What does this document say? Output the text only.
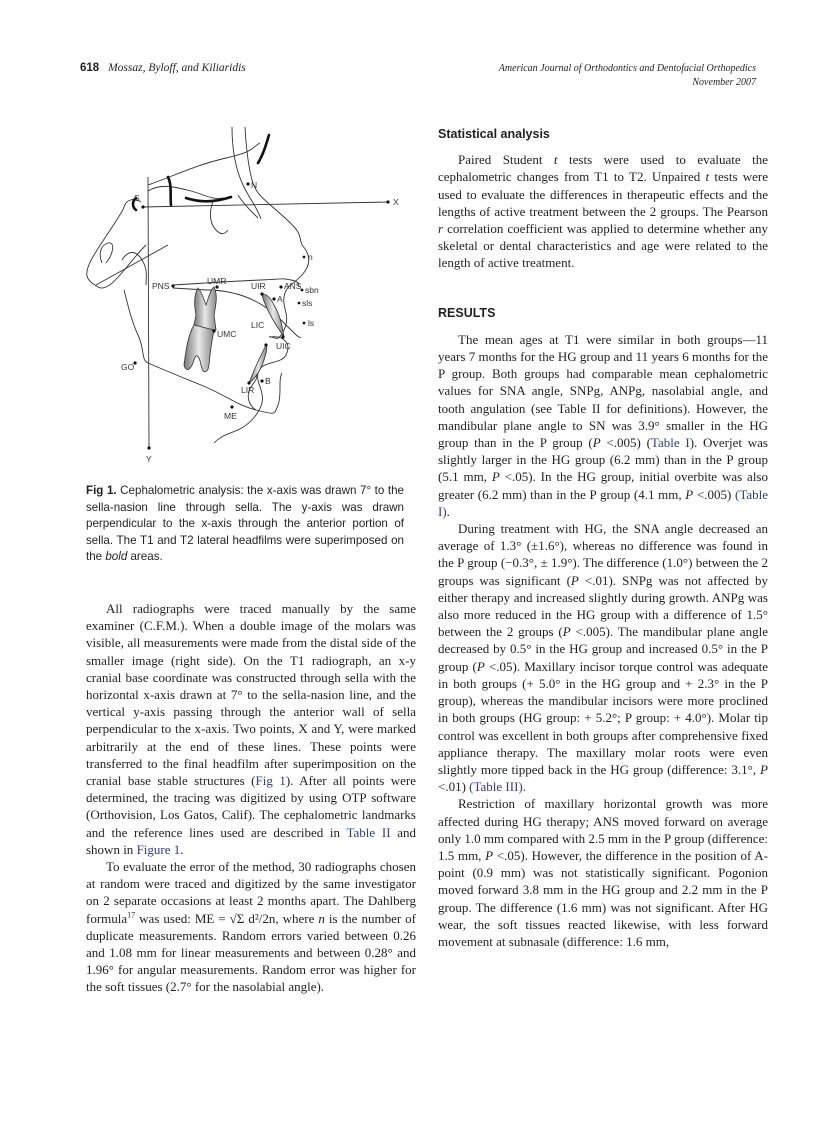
618 Mossaz, Byloff, and Kiliaridis	American Journal of Orthodontics and Dentofacial Orthopedics
November 2007
S
N
X
Y
n
PNS	UMR	UIR ANS
A
sbn
sls
ls
LIC
UMC
UIC
GO
LIR
B
ME
Fig 1. Cephalometric analysis: the x-axis was drawn 7° to the sella-nasion line through sella. The y-axis was drawn perpendicular to the x-axis through the anterior portion of sella. The T1 and T2 lateral headfilms were superimposed on the bold areas.

All radiographs were traced manually by the same examiner (C.F.M.). When a double image of the molars was visible, all measurements were made from the distal side of the smaller image (right side). On the T1 radiograph, an x-y cranial base coordinate was constructed through sella with the horizontal x-axis drawn at 7° to the sella-nasion line, and the vertical y-axis passing through the anterior wall of sella perpendicular to the x-axis. Two points, X and Y, were marked arbitrarily at the end of these lines. These points were transferred to the final headfilm after superimposition on the cranial base stable structures (Fig 1). After all points were determined, the tracing was digitized by using OTP software (Orthovision, Los Gatos, Calif). The cephalometric landmarks and the reference lines used are described in Table II and shown in Figure 1.

To evaluate the error of the method, 30 radiographs chosen at random were traced and digitized by the same investigator on 2 separate occasions at least 2 months apart. The Dahlberg formula$^{17}$ was used: ME = √Σ d²/2n, where n is the number of duplicate measurements. Random errors varied between 0.26 and 1.08 mm for linear measurements and between 0.28° and 1.96° for angular measurements. Random error was higher for the soft tissues (2.7° for the nasolabial angle).

Statistical analysis

Paired Student t tests were used to evaluate the cephalometric changes from T1 to T2. Unpaired t tests were used to evaluate the differences in therapeutic effects and the lengths of active treatment between the 2 groups. The Pearson r correlation coefficient was applied to determine whether any skeletal or dental characteristics and age were related to the length of active treatment.

RESULTS

The mean ages at T1 were similar in both groups—11 years 7 months for the HG group and 11 years 6 months for the P group. Both groups had comparable mean cephalometric values for SNA angle, SNPg, ANPg, nasolabial angle, and tooth angulation (see Table II for definitions). However, the mandibular plane angle to SN was 3.9° smaller in the HG group than in the P group (P <.005) (Table I). Overjet was slightly larger in the HG group (6.2 mm) than in the P group (5.1 mm, P <.05). In the HG group, initial overbite was also greater (6.2 mm) than in the P group (4.1 mm, P <.005) (Table I).

During treatment with HG, the SNA angle decreased an average of 1.3° (±1.6°), whereas no difference was found in the P group (−0.3°, ± 1.9°). The difference (1.0°) between the 2 groups was significant (P <.01). SNPg was not affected by either therapy and increased slightly during growth. ANPg was also more reduced in the HG group with a difference of 1.5° between the 2 groups (P <.005). The mandibular plane angle decreased by 0.5° in the HG group and increased 0.5° in the P group (P <.05). Maxillary incisor torque control was adequate in both groups (+ 5.0° in the HG group and + 2.3° in the P group), whereas the mandibular incisors were more proclined in both groups (HG group: + 5.2°; P group: + 4.0°). Molar tip control was excellent in both groups after comprehensive fixed appliance therapy. The maxillary molar roots were even slightly more tipped back in the HG group (difference: 3.1°, P <.01) (Table III).

Restriction of maxillary horizontal growth was more affected during HG therapy; ANS moved forward on average only 1.0 mm compared with 2.5 mm in the P group (difference: 1.5 mm, P <.05). However, the difference in the position of A-point (0.9 mm) was not statistically significant. Pogonion moved forward 3.8 mm in the HG group and 2.2 mm in the P group. The difference (1.6 mm) was not significant. After HG wear, the soft tissues reacted likewise, with less forward movement at subnasale (difference: 1.6 mm,
